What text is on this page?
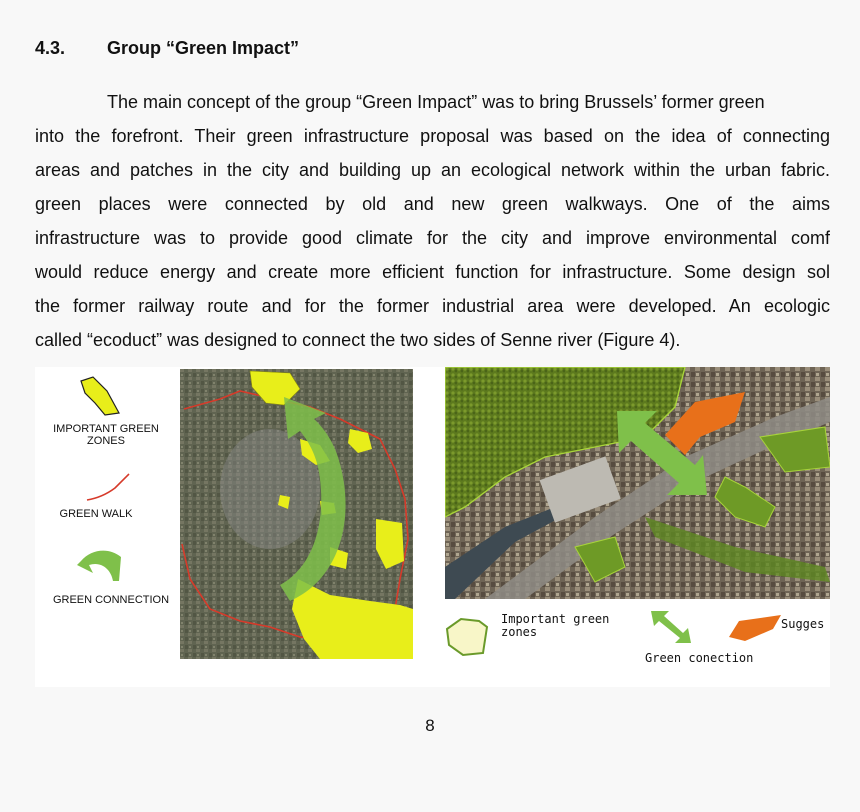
4.3. Group “Green Impact”
The main concept of the group “Green Impact” was to bring Brussels’ former green
into the forefront. Their green infrastructure proposal was based on the idea of connecting
areas and patches in the city and building up an ecological network within the urban fabric.
green places were connected by old and new green walkways. One of the aims
infrastructure was to provide good climate for the city and improve environmental comf
would reduce energy and create more efficient function for infrastructure. Some design sol
the former railway route and for the former industrial area were developed. An ecologic
called “ecoduct” was designed to connect the two sides of Senne river (Figure 4).
IMPORTANT GREEN ZONES
GREEN WALK
GREEN CONNECTION
Important green zones
Green conection
Sugges
8
